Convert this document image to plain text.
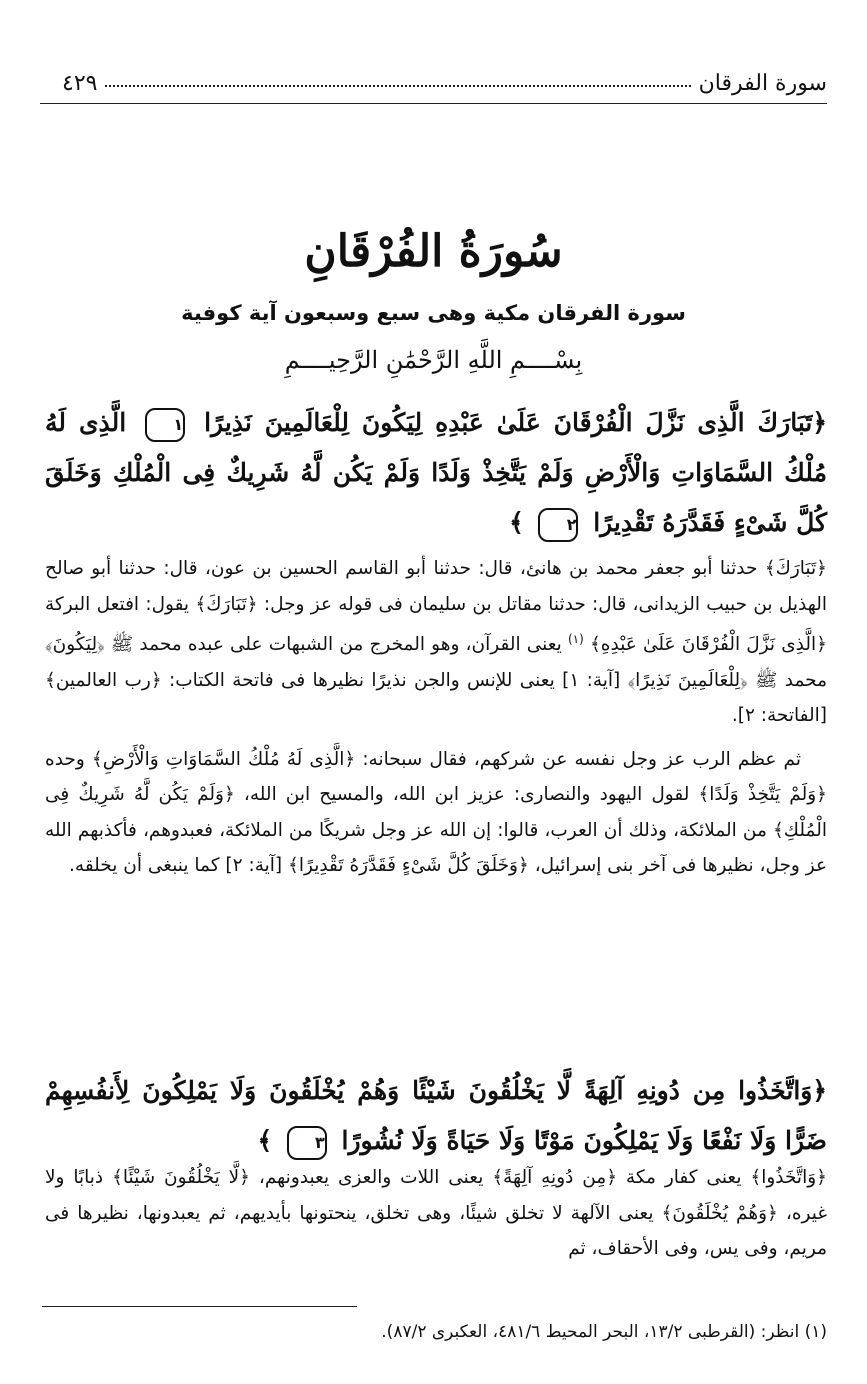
سورة الفرقان
٤٢٩
سُورَةُ الفُرْقَانِ
سورة الفرقان مكية وهى سبع وسبعون آية كوفية
بِسْــــمِ اللَّهِ الرَّحْمَٰنِ الرَّحِيــــمِ
﴿تَبَارَكَ الَّذِى نَزَّلَ الْفُرْقَانَ عَلَىٰ عَبْدِهِ لِيَكُونَ لِلْعَالَمِينَ نَذِيرًا ١ الَّذِى لَهُ مُلْكُ السَّمَاوَاتِ وَالْأَرْضِ وَلَمْ يَتَّخِذْ وَلَدًا وَلَمْ يَكُن لَّهُ شَرِيكٌ فِى الْمُلْكِ وَخَلَقَ كُلَّ شَىْءٍ فَقَدَّرَهُ تَقْدِيرًا ٢ ﴾

﴿تَبَارَكَ﴾ حدثنا أبو جعفر محمد بن هانئ، قال: حدثنا أبو القاسم الحسين بن عون، قال: حدثنا أبو صالح الهذيل بن حبيب الزيدانى، قال: حدثنا مقاتل بن سليمان فى قوله عز وجل: ﴿تَبَارَكَ﴾ يقول: افتعل البركة ﴿الَّذِى نَزَّلَ الْفُرْقَانَ عَلَىٰ عَبْدِهِ﴾ $^{(١)}$ يعنى القرآن، وهو المخرج من الشبهات على عبده محمد ﷺ ﴿لِيَكُونَ﴾ محمد ﷺ ﴿لِلْعَالَمِينَ نَذِيرًا﴾ [آية: ١] يعنى للإنس والجن نذيرًا نظيرها فى فاتحة الكتاب: ﴿رب العالمين﴾ [الفاتحة: ٢].

ثم عظم الرب عز وجل نفسه عن شركهم، فقال سبحانه: ﴿الَّذِى لَهُ مُلْكُ السَّمَاوَاتِ وَالْأَرْضِ﴾ وحده ﴿وَلَمْ يَتَّخِذْ وَلَدًا﴾ لقول اليهود والنصارى: عزيز ابن الله، والمسيح ابن الله، ﴿وَلَمْ يَكُن لَّهُ شَرِيكٌ فِى الْمُلْكِ﴾ من الملائكة، وذلك أن العرب، قالوا: إن الله عز وجل شريكًا من الملائكة، فعبدوهم، فأكذبهم الله عز وجل، نظيرها فى آخر بنى إسرائيل، ﴿وَخَلَقَ كُلَّ شَىْءٍ فَقَدَّرَهُ تَقْدِيرًا﴾ [آية: ٢] كما ينبغى أن يخلقه.

﴿وَاتَّخَذُوا مِن دُونِهِ آلِهَةً لَّا يَخْلُقُونَ شَيْئًا وَهُمْ يُخْلَقُونَ وَلَا يَمْلِكُونَ لِأَنفُسِهِمْ ضَرًّا وَلَا نَفْعًا وَلَا يَمْلِكُونَ مَوْتًا وَلَا حَيَاةً وَلَا نُشُورًا ٣ ﴾

﴿وَاتَّخَذُوا﴾ يعنى كفار مكة ﴿مِن دُونِهِ آلِهَةً﴾ يعنى اللات والعزى يعبدونهم، ﴿لَّا يَخْلُقُونَ شَيْئًا﴾ ذبابًا ولا غيره، ﴿وَهُمْ يُخْلَقُونَ﴾ يعنى الآلهة لا تخلق شيئًا، وهى تخلق، ينحتونها بأيديهم، ثم يعبدونها، نظيرها فى مريم، وفى يس، وفى الأحقاف، ثم

(١) انظر: (القرطبى ١٣/٢، البحر المحيط ٤٨١/٦، العكبرى ٨٧/٢).
